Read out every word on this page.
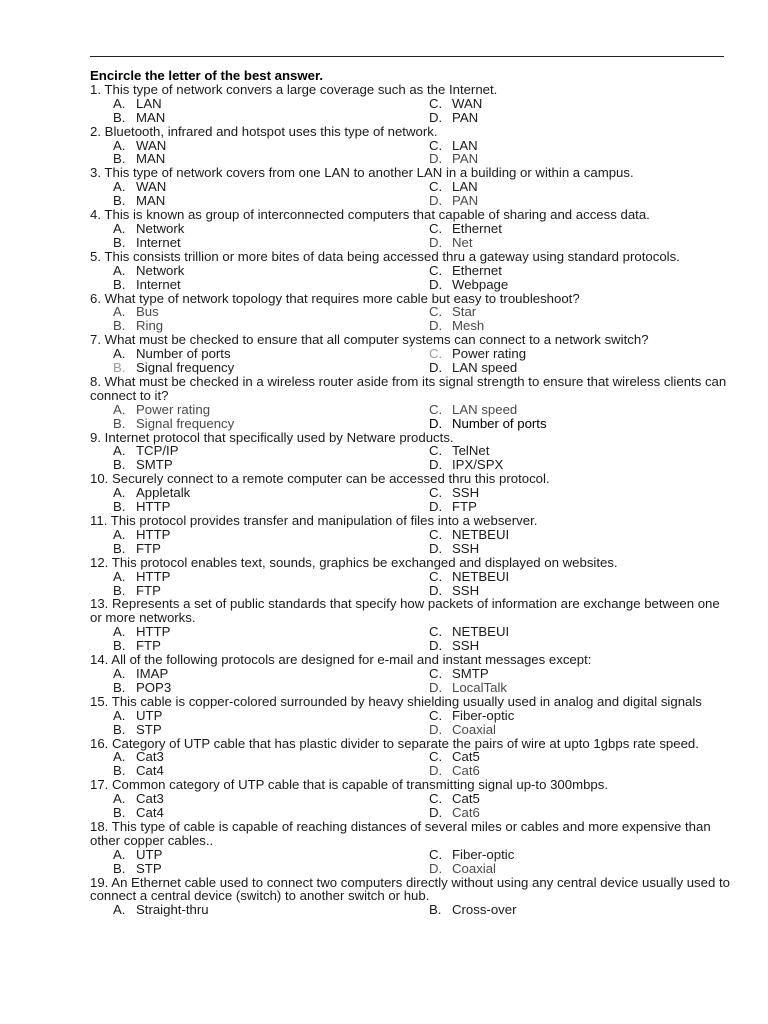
Encircle the letter of the best answer.
1. This type of network convers a large coverage such as the Internet.
A. LAN	C. WAN
B. MAN	D. PAN
2. Bluetooth, infrared and hotspot uses this type of network.
A. WAN	C. LAN
B. MAN	D. PAN
3. This type of network covers from one LAN to another LAN in a building or within a campus.
A. WAN	C. LAN
B. MAN	D. PAN
4. This is known as group of interconnected computers that capable of sharing and access data.
A. Network	C. Ethernet
B. Internet	D. Net
5. This consists trillion or more bites of data being accessed thru a gateway using standard protocols.
A. Network	C. Ethernet
B. Internet	D. Webpage
6. What type of network topology that requires more cable but easy to troubleshoot?
A. Bus	C. Star
B. Ring	D. Mesh
7. What must be checked to ensure that all computer systems can connect to a network switch?
A. Number of ports	C. Power rating
B. Signal frequency	D. LAN speed
8. What must be checked in a wireless router aside from its signal strength to ensure that wireless clients can connect to it?
A. Power rating	C. LAN speed
B. Signal frequency	D. Number of ports
9. Internet protocol that specifically used by Netware products.
A. TCP/IP	C. TelNet
B. SMTP	D. IPX/SPX
10. Securely connect to a remote computer can be accessed thru this protocol.
A. Appletalk	C. SSH
B. HTTP	D. FTP
11. This protocol provides transfer and manipulation of files into a webserver.
A. HTTP	C. NETBEUI
B. FTP	D. SSH
12. This protocol enables text, sounds, graphics be exchanged and displayed on websites.
A. HTTP	C. NETBEUI
B. FTP	D. SSH
13. Represents a set of public standards that specify how packets of information are exchange between one or more networks.
A. HTTP	C. NETBEUI
B. FTP	D. SSH
14. All of the following protocols are designed for e-mail and instant messages except:
A. IMAP	C. SMTP
B. POP3	D. LocalTalk
15. This cable is copper-colored surrounded by heavy shielding usually used in analog and digital signals
A. UTP	C. Fiber-optic
B. STP	D. Coaxial
16. Category of UTP cable that has plastic divider to separate the pairs of wire at upto 1gbps rate speed.
A. Cat3	C. Cat5
B. Cat4	D. Cat6
17. Common category of UTP cable that is capable of transmitting signal up-to 300mbps.
A. Cat3	C. Cat5
B. Cat4	D. Cat6
18. This type of cable is capable of reaching distances of several miles or cables and more expensive than other copper cables..
A. UTP	C. Fiber-optic
B. STP	D. Coaxial
19. An Ethernet cable used to connect two computers directly without using any central device usually used to connect a central device (switch) to another switch or hub.
A. Straight-thru	B. Cross-over
